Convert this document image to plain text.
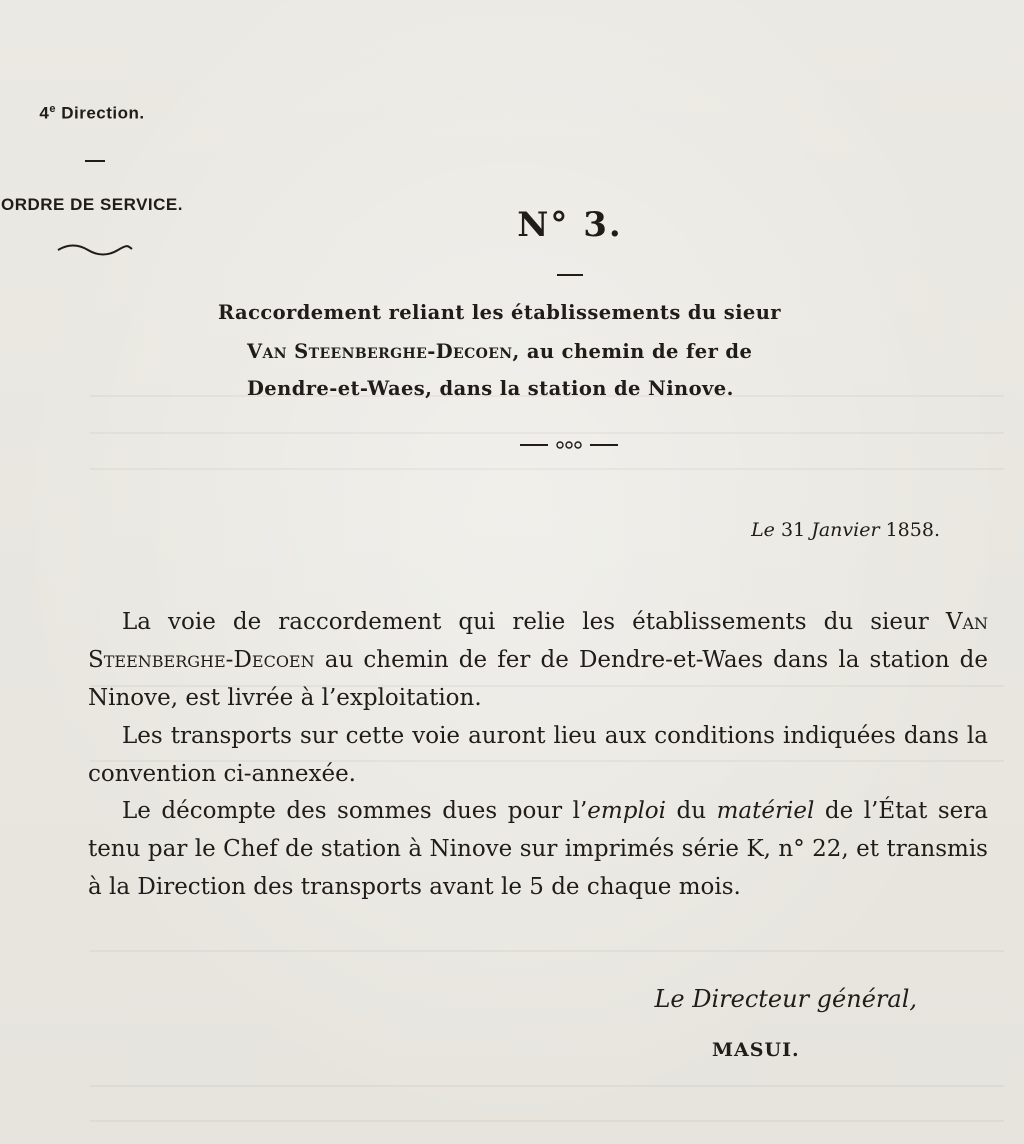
4e Direction.
ORDRE DE SERVICE.
N° 3.
Raccordement reliant les établissements du sieur
Van Steenberghe-Decoen, au chemin de fer de
Dendre-et-Waes, dans la station de Ninove.
Le 31 Janvier 1858.
La voie de raccordement qui relie les établissements du sieur Van Steenberghe-Decoen au chemin de fer de Dendre-et-Waes dans la station de Ninove, est livrée à l’exploitation.
Les transports sur cette voie auront lieu aux conditions indiquées dans la convention ci-annexée.
Le décompte des sommes dues pour l’emploi du matériel de l’État sera tenu par le Chef de station à Ninove sur imprimés série K, n° 22, et transmis à la Direction des transports avant le 5 de chaque mois.
Le Directeur général,
MASUI.
